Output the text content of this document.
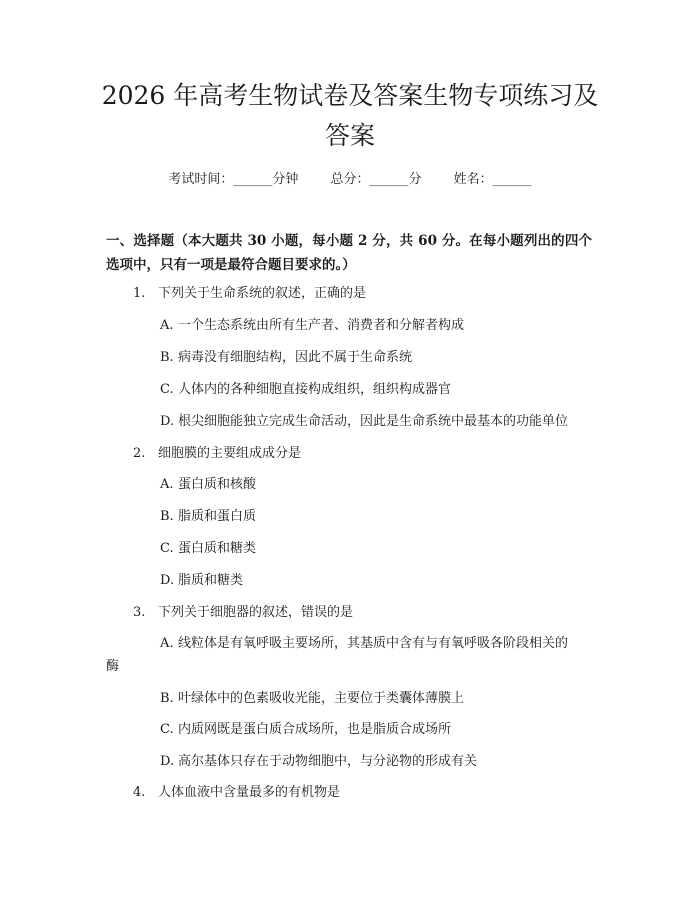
2026 年高考生物试卷及答案生物专项练习及答案
考试时间：______分钟 总分：______分 姓名：______
一、选择题（本大题共 30 小题，每小题 2 分，共 60 分。在每小题列出的四个选项中，只有一项是最符合题目要求的。）
1. 下列关于生命系统的叙述，正确的是
A. 一个生态系统由所有生产者、消费者和分解者构成
B. 病毒没有细胞结构，因此不属于生命系统
C. 人体内的各种细胞直接构成组织，组织构成器官
D. 根尖细胞能独立完成生命活动，因此是生命系统中最基本的功能单位
2. 细胞膜的主要组成成分是
A. 蛋白质和核酸
B. 脂质和蛋白质
C. 蛋白质和糖类
D. 脂质和糖类
3. 下列关于细胞器的叙述，错误的是
A. 线粒体是有氧呼吸主要场所，其基质中含有与有氧呼吸各阶段相关的
酶
B. 叶绿体中的色素吸收光能，主要位于类囊体薄膜上
C. 内质网既是蛋白质合成场所，也是脂质合成场所
D. 高尔基体只存在于动物细胞中，与分泌物的形成有关
4. 人体血液中含量最多的有机物是
